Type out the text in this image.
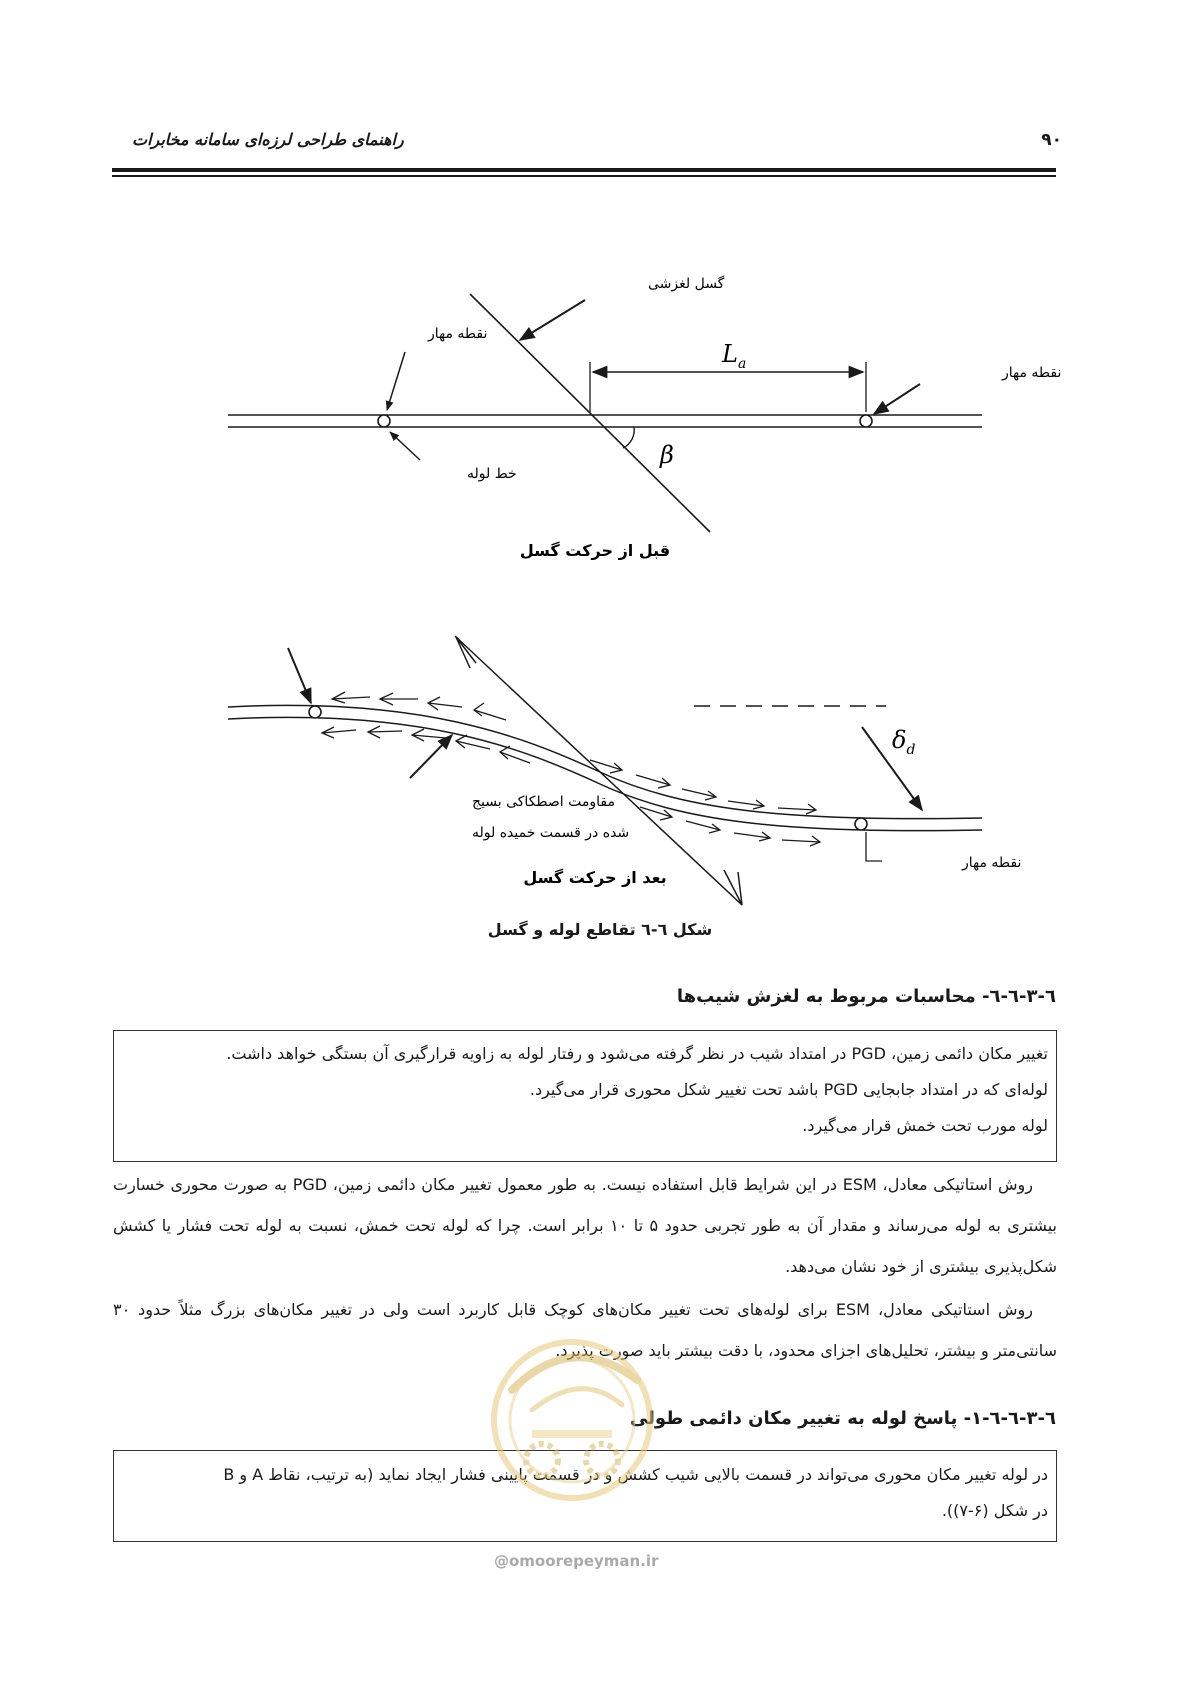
۹۰
راهنمای طراحی لرزه‌ای سامانه مخابرات
گسل لغزشی
نقطه مهار
خط لوله
نقطه مهار
$L_a$
β
قبل از حرکت گسل
مقاومت اصطکاکی بسیج
شده در قسمت خمیده لوله
$\delta_d$
نقطه مهار
بعد از حرکت گسل
شکل ٦-٦ تقاطع لوله و گسل
٦-٣-٦-٦- محاسبات مربوط به لغزش شیب‌ها

تغییر مکان دائمی زمین، PGD در امتداد شیب در نظر گرفته می‌شود و رفتار لوله به زاویه قرارگیری آن بستگی خواهد داشت.

لوله‌ای که در امتداد جابجایی PGD باشد تحت تغییر شکل محوری قرار می‌گیرد.

لوله مورب تحت خمش قرار می‌گیرد.

روش استاتیکی معادل، ESM در این شرایط قابل استفاده نیست. به طور معمول تغییر مکان دائمی زمین، PGD به صورت محوری خسارت بیشتری به لوله می‌رساند و مقدار آن به طور تجربی حدود ۵ تا ۱۰ برابر است. چرا که لوله تحت خمش، نسبت به لوله تحت فشار یا کشش شکل‌پذیری بیشتری از خود نشان می‌دهد.

روش استاتیکی معادل، ESM برای لوله‌های تحت تغییر مکان‌های کوچک قابل کاربرد است ولی در تغییر مکان‌های بزرگ مثلاً حدود ۳۰ سانتی‌متر و بیشتر، تحلیل‌های اجزای محدود، با دقت بیشتر باید صورت پذیرد.

٦-٣-٦-٦-١- پاسخ لوله به تغییر مکان دائمی طولی

در لوله تغییر مکان محوری می‌تواند در قسمت بالایی شیب کشش و در قسمت پایینی فشار ایجاد نماید (به ترتیب، نقاط A و B

در شکل (۶-۷)).

@omoorepeyman.ir
